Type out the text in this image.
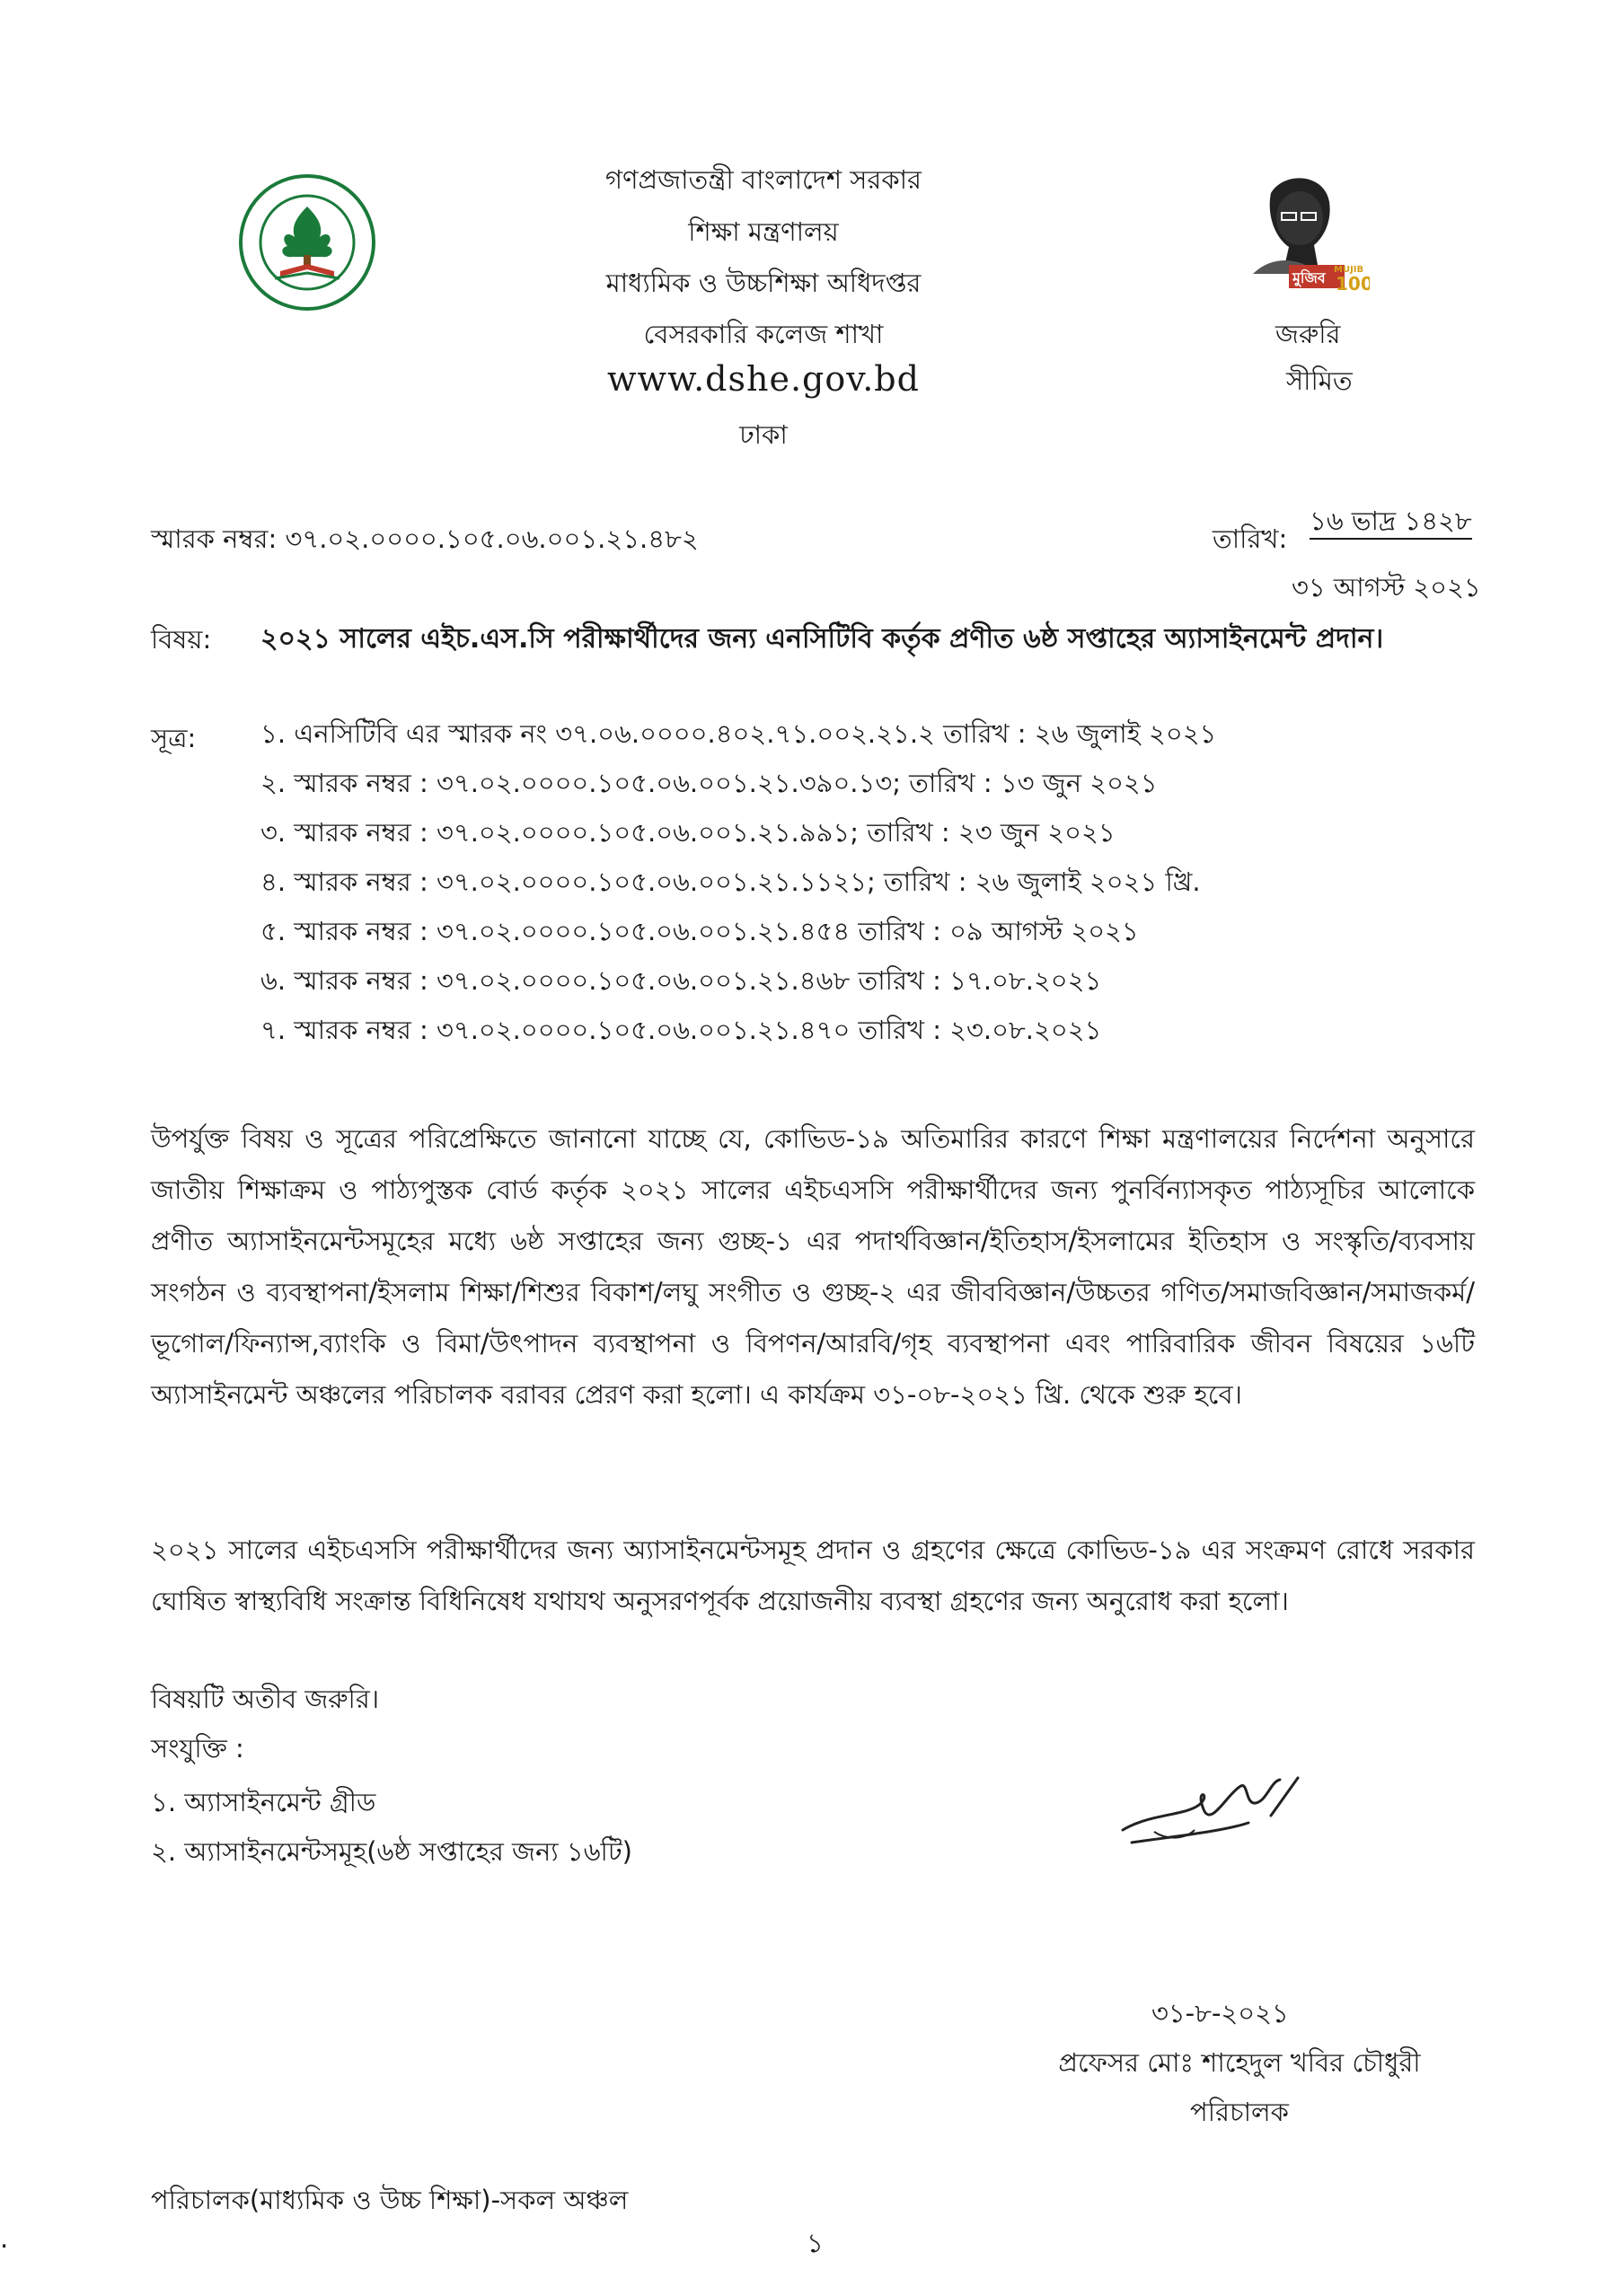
মুজিব MUJIB
100
গণপ্রজাতন্ত্রী বাংলাদেশ সরকার
শিক্ষা মন্ত্রণালয়
মাধ্যমিক ও উচ্চশিক্ষা অধিদপ্তর
বেসরকারি কলেজ শাখা
www.dshe.gov.bd
ঢাকা
জরুরি
সীমিত
স্মারক নম্বর: ৩৭.০২.০০০০.১০৫.০৬.০০১.২১.৪৮২	তারিখ:
১৬ ভাদ্র ১৪২৮
৩১ আগস্ট ২০২১
বিষয়: ২০২১ সালের এইচ.এস.সি পরীক্ষার্থীদের জন্য এনসিটিবি কর্তৃক প্রণীত ৬ষ্ঠ সপ্তাহের অ্যাসাইনমেন্ট প্রদান।
সূত্র: ১. এনসিটিবি এর স্মারক নং ৩৭.০৬.০০০০.৪০২.৭১.০০২.২১.২ তারিখ : ২৬ জুলাই ২০২১
২. স্মারক নম্বর : ৩৭.০২.০০০০.১০৫.০৬.০০১.২১.৩৯০.১৩; তারিখ : ১৩ জুন ২০২১
৩. স্মারক নম্বর : ৩৭.০২.০০০০.১০৫.০৬.০০১.২১.৯৯১; তারিখ : ২৩ জুন ২০২১
৪. স্মারক নম্বর : ৩৭.০২.০০০০.১০৫.০৬.০০১.২১.১১২১; তারিখ : ২৬ জুলাই ২০২১ খ্রি.
৫. স্মারক নম্বর : ৩৭.০২.০০০০.১০৫.০৬.০০১.২১.৪৫৪ তারিখ : ০৯ আগস্ট ২০২১
৬. স্মারক নম্বর : ৩৭.০২.০০০০.১০৫.০৬.০০১.২১.৪৬৮ তারিখ : ১৭.০৮.২০২১
৭. স্মারক নম্বর : ৩৭.০২.০০০০.১০৫.০৬.০০১.২১.৪৭০ তারিখ : ২৩.০৮.২০২১
উপর্যুক্ত বিষয় ও সূত্রের পরিপ্রেক্ষিতে জানানো যাচ্ছে যে, কোভিড-১৯ অতিমারির কারণে শিক্ষা মন্ত্রণালয়ের নির্দেশনা অনুসারে জাতীয় শিক্ষাক্রম ও পাঠ্যপুস্তক বোর্ড কর্তৃক ২০২১ সালের এইচএসসি পরীক্ষার্থীদের জন্য পুনর্বিন্যাসকৃত পাঠ্যসূচির আলোকে প্রণীত অ্যাসাইনমেন্টসমূহের মধ্যে ৬ষ্ঠ সপ্তাহের জন্য গুচ্ছ-১ এর পদার্থবিজ্ঞান/ইতিহাস/ইসলামের ইতিহাস ও সংস্কৃতি/ব্যবসায় সংগঠন ও ব্যবস্থাপনা/ইসলাম শিক্ষা/শিশুর বিকাশ/লঘু সংগীত ও গুচ্ছ-২ এর জীববিজ্ঞান/উচ্চতর গণিত/সমাজবিজ্ঞান/সমাজকর্ম/ভূগোল/ফিন্যান্স,ব্যাংকি ও বিমা/উৎপাদন ব্যবস্থাপনা ও বিপণন/আরবি/গৃহ ব্যবস্থাপনা এবং পারিবারিক জীবন বিষয়ের ১৬টি অ্যাসাইনমেন্ট অঞ্চলের পরিচালক বরাবর প্রেরণ করা হলো। এ কার্যক্রম ৩১-০৮-২০২১ খ্রি. থেকে শুরু হবে।
২০২১ সালের এইচএসসি পরীক্ষার্থীদের জন্য অ্যাসাইনমেন্টসমূহ প্রদান ও গ্রহণের ক্ষেত্রে কোভিড-১৯ এর সংক্রমণ রোধে সরকার ঘোষিত স্বাস্থ্যবিধি সংক্রান্ত বিধিনিষেধ যথাযথ অনুসরণপূর্বক প্রয়োজনীয় ব্যবস্থা গ্রহণের জন্য অনুরোধ করা হলো।
বিষয়টি অতীব জরুরি।
সংযুক্তি :
১. অ্যাসাইনমেন্ট গ্রীড
২. অ্যাসাইনমেন্টসমূহ(৬ষ্ঠ সপ্তাহের জন্য ১৬টি)
৩১-৮-২০২১
প্রফেসর মোঃ শাহেদুল খবির চৌধুরী
পরিচালক
পরিচালক(মাধ্যমিক ও উচ্চ শিক্ষা)-সকল অঞ্চল
.	১
